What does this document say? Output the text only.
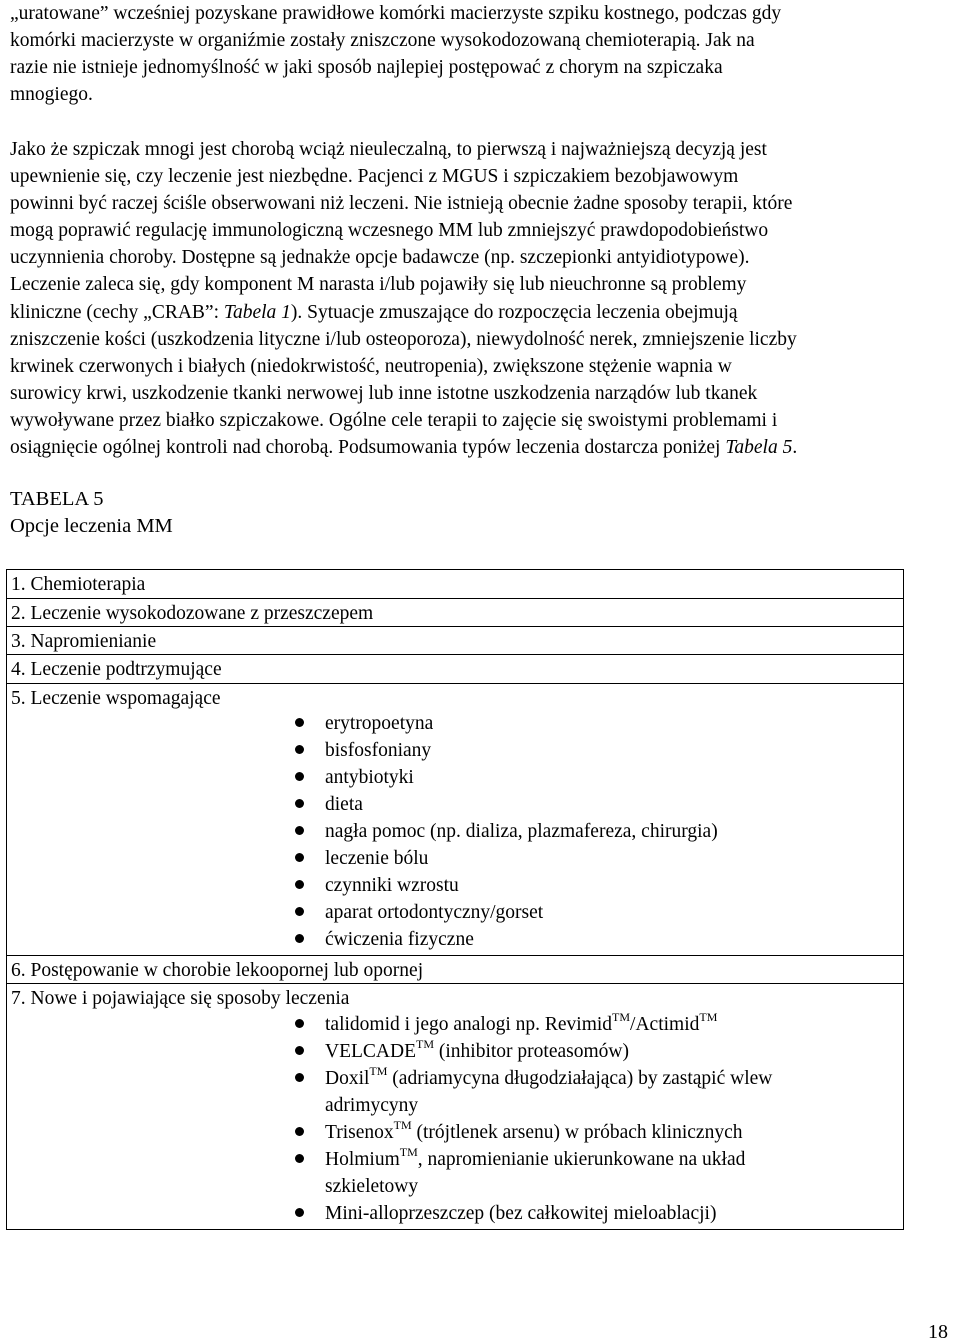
„uratowane” wcześniej pozyskane prawidłowe komórki macierzyste szpiku kostnego, podczas gdy
komórki macierzyste w organiźmie zostały zniszczone wysokodozowaną chemioterapią. Jak na
razie nie istnieje jednomyślność w jaki sposób najlepiej postępować z chorym na szpiczaka
mnogiego.
Jako że szpiczak mnogi jest chorobą wciąż nieuleczalną, to pierwszą i najważniejszą decyzją jest
upewnienie się, czy leczenie jest niezbędne. Pacjenci z MGUS i szpiczakiem bezobjawowym
powinni być raczej ściśle obserwowani niż leczeni. Nie istnieją obecnie żadne sposoby terapii, które
mogą poprawić regulację immunologiczną wczesnego MM lub zmniejszyć prawdopodobieństwo
uczynnienia choroby. Dostępne są jednakże opcje badawcze (np. szczepionki antyidiotypowe).
Leczenie zaleca się, gdy komponent M narasta i/lub pojawiły się lub nieuchronne są problemy
kliniczne (cechy „CRAB”: Tabela 1). Sytuacje zmuszające do rozpoczęcia leczenia obejmują
zniszczenie kości (uszkodzenia lityczne i/lub osteoporoza), niewydolność nerek, zmniejszenie liczby
krwinek czerwonych i białych (niedokrwistość, neutropenia), zwiększone stężenie wapnia w
surowicy krwi, uszkodzenie tkanki nerwowej lub inne istotne uszkodzenia narządów lub tkanek
wywoływane przez białko szpiczakowe. Ogólne cele terapii to zajęcie się swoistymi problemami i
osiągnięcie ogólnej kontroli nad chorobą. Podsumowania typów leczenia dostarcza poniżej Tabela 5.
TABELA 5
Opcje leczenia MM
1. Chemioterapia
2. Leczenie wysokodozowane z przeszczepem
3. Napromienianie
4. Leczenie podtrzymujące
5. Leczenie wspomagające
erytropoetyna
bisfosfoniany
antybiotyki
dieta
nagła pomoc (np. dializa, plazmafereza, chirurgia)
leczenie bólu
czynniki wzrostu
aparat ortodontyczny/gorset
ćwiczenia fizyczne
6. Postępowanie w chorobie lekoopornej lub opornej
7. Nowe i pojawiające się sposoby leczenia
talidomid i jego analogi np. Revimid™/Actimid™
VELCADE™ (inhibitor proteasomów)
Doxil™ (adriamycyna długodziałająca) by zastąpić wlew
adrimycyny
Trisenox™ (trójtlenek arsenu) w próbach klinicznych
Holmium™, napromienianie ukierunkowane na układ
szkieletowy
Mini-alloprzeszczep (bez całkowitej mieloablacji)
18
